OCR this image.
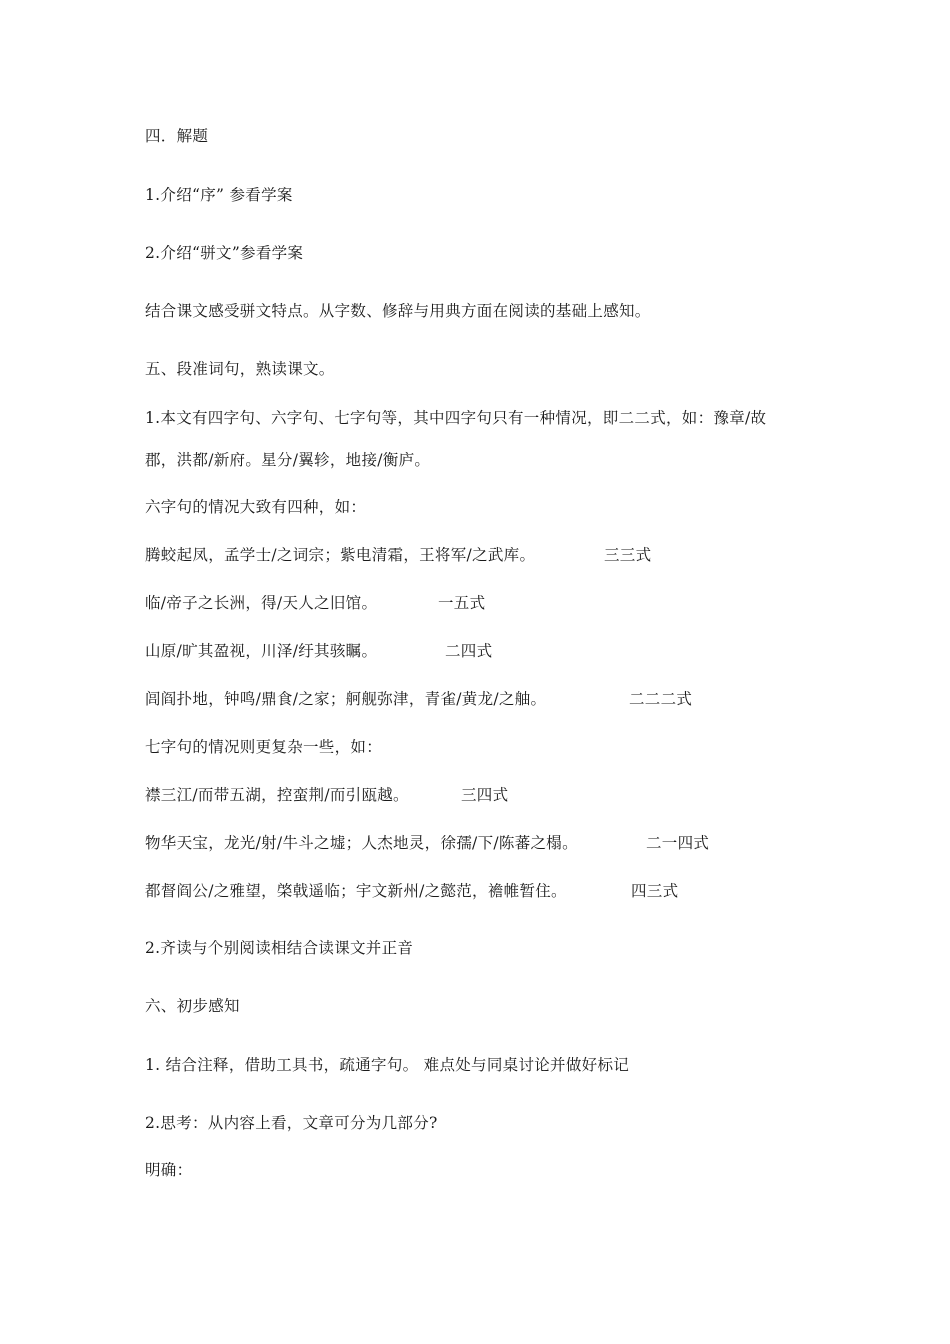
四．解题
1.介绍“序” 参看学案
2.介绍“骈文”参看学案
结合课文感受骈文特点。从字数、修辞与用典方面在阅读的基础上感知。
五、段准词句，熟读课文。
1.本文有四字句、六字句、七字句等，其中四字句只有一种情况，即二二式，如：豫章/故
郡，洪都/新府。星分/翼轸，地接/衡庐。
六字句的情况大致有四种，如：
腾蛟起凤，孟学士/之词宗；紫电清霜，王将军/之武库。	三三式
临/帝子之长洲，得/天人之旧馆。	一五式
山原/旷其盈视，川泽/纡其骇瞩。	二四式
闾阎扑地，钟鸣/鼎食/之家；舸舰弥津，青雀/黄龙/之舳。	二二二式
七字句的情况则更复杂一些，如：
襟三江/而带五湖，控蛮荆/而引瓯越。	三四式
物华天宝，龙光/射/牛斗之墟；人杰地灵，徐孺/下/陈蕃之榻。	二一四式
都督阎公/之雅望，棨戟遥临；宇文新州/之懿范，襜帷暂住。	四三式
2.齐读与个别阅读相结合读课文并正音
六、初步感知
1. 结合注释，借助工具书，疏通字句。 难点处与同桌讨论并做好标记
2.思考：从内容上看，文章可分为几部分?
明确：
